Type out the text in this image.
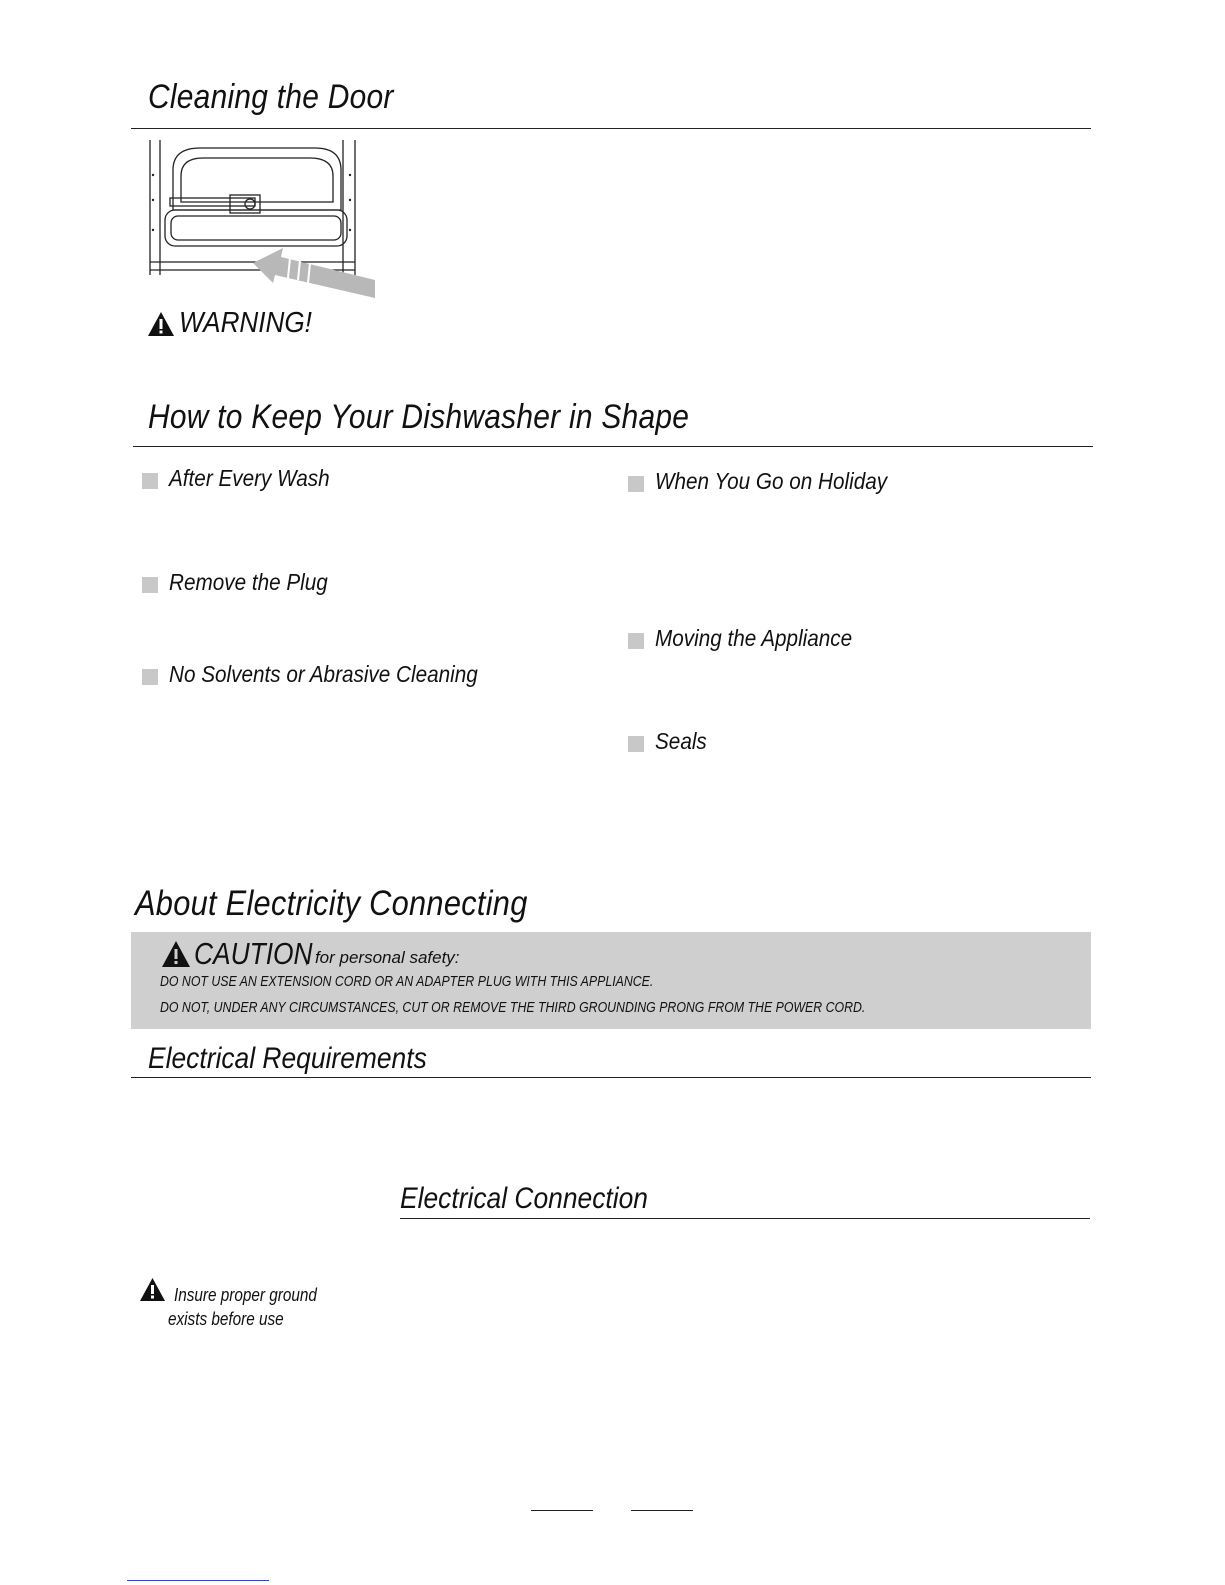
Cleaning the Door
WARNING!
How to Keep Your Dishwasher in Shape
After Every Wash
Remove the Plug
No Solvents or Abrasive Cleaning
When You Go on Holiday
Moving the Appliance
Seals
About Electricity Connecting
CAUTION
, for personal safety:
DO NOT USE AN EXTENSION CORD OR AN ADAPTER PLUG WITH THIS APPLIANCE.
DO NOT, UNDER ANY CIRCUMSTANCES, CUT OR REMOVE THE THIRD GROUNDING PRONG FROM THE POWER CORD.
Electrical Requirements
Electrical Connection
Insure proper ground
exists before use
